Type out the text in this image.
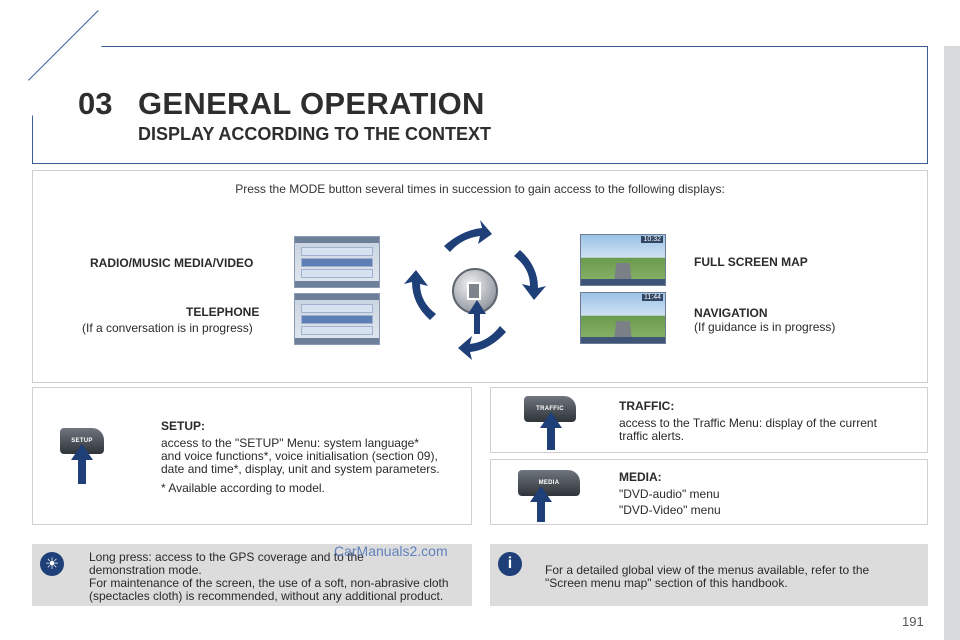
03 GENERAL OPERATION
DISPLAY ACCORDING TO THE CONTEXT
Press the MODE button several times in succession to gain access to the following displays:
RADIO/MUSIC MEDIA/VIDEO
TELEPHONE
(If a conversation is in progress)
10:32
11:44
FULL SCREEN MAP
NAVIGATION
(If guidance is in progress)
SETUP
SETUP:
access to the "SETUP" Menu: system language*
and voice functions*, voice initialisation (section 09),
date and time*, display, unit and system parameters.
* Available according to model.
TRAFFIC	TRAFFIC:
access to the Traffic Menu: display of the current
traffic alerts.
MEDIA	MEDIA:
"DVD-audio" menu
"DVD-Video" menu
☀	Long press: access to the GPS coverage and to the
demonstration mode.
For maintenance of the screen, the use of a soft, non-abrasive cloth
(spectacles cloth) is recommended, without any additional product.
i	For a detailed global view of the menus available, refer to the
"Screen menu map" section of this handbook.
CarManuals2.com
191
